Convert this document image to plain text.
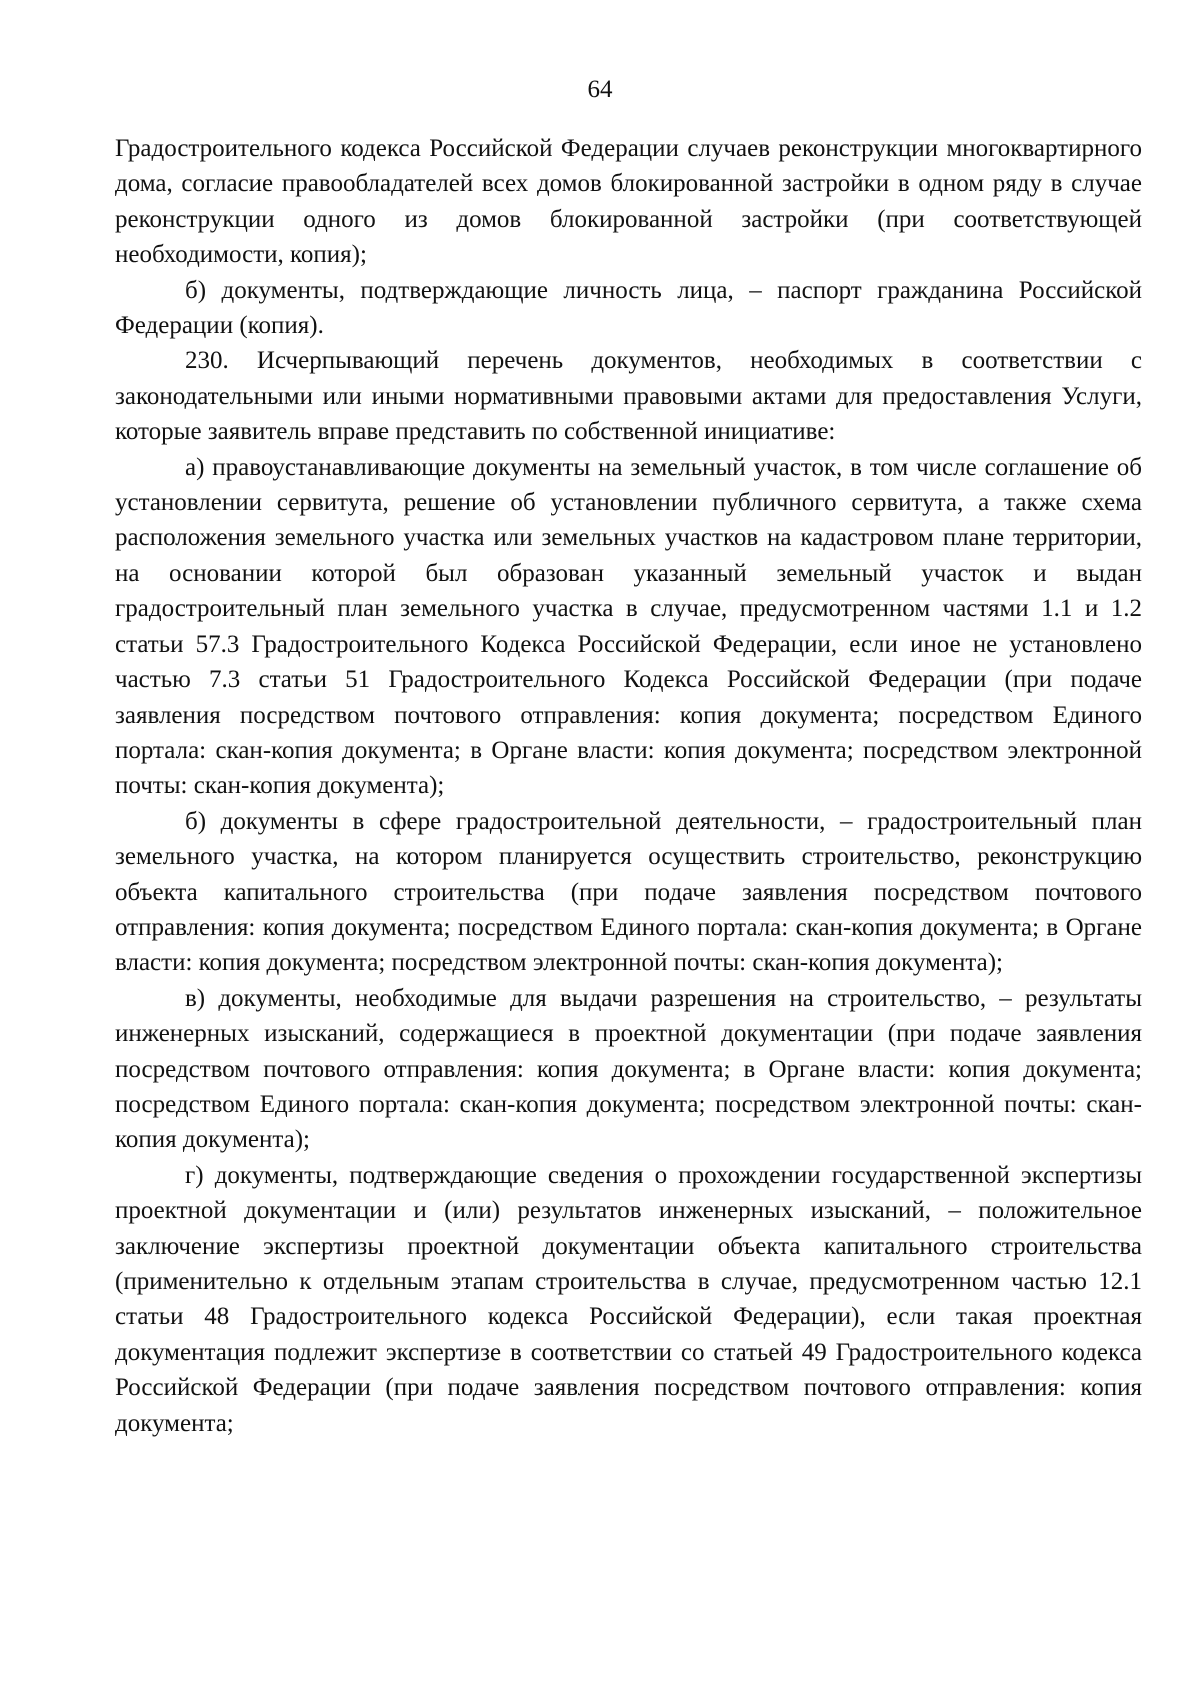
64

Градостроительного кодекса Российской Федерации случаев реконструкции многоквартирного дома, согласие правообладателей всех домов блокированной застройки в одном ряду в случае реконструкции одного из домов блокированной застройки (при соответствующей необходимости, копия);

б) документы, подтверждающие личность лица, – паспорт гражданина Российской Федерации (копия).

230. Исчерпывающий перечень документов, необходимых в соответствии с законодательными или иными нормативными правовыми актами для предоставления Услуги, которые заявитель вправе представить по собственной инициативе:

а) правоустанавливающие документы на земельный участок, в том числе соглашение об установлении сервитута, решение об установлении публичного сервитута, а также схема расположения земельного участка или земельных участков на кадастровом плане территории, на основании которой был образован указанный земельный участок и выдан градостроительный план земельного участка в случае, предусмотренном частями 1.1 и 1.2 статьи 57.3 Градостроительного Кодекса Российской Федерации, если иное не установлено частью 7.3 статьи 51 Градостроительного Кодекса Российской Федерации (при подаче заявления посредством почтового отправления: копия документа; посредством Единого портала: скан-копия документа; в Органе власти: копия документа; посредством электронной почты: скан-копия документа);

б) документы в сфере градостроительной деятельности, – градостроительный план земельного участка, на котором планируется осуществить строительство, реконструкцию объекта капитального строительства (при подаче заявления посредством почтового отправления: копия документа; посредством Единого портала: скан-копия документа; в Органе власти: копия документа; посредством электронной почты: скан-копия документа);

в) документы, необходимые для выдачи разрешения на строительство, – результаты инженерных изысканий, содержащиеся в проектной документации (при подаче заявления посредством почтового отправления: копия документа; в Органе власти: копия документа; посредством Единого портала: скан-копия документа; посредством электронной почты: скан-копия документа);

г) документы, подтверждающие сведения о прохождении государственной экспертизы проектной документации и (или) результатов инженерных изысканий, – положительное заключение экспертизы проектной документации объекта капитального строительства (применительно к отдельным этапам строительства в случае, предусмотренном частью 12.1 статьи 48 Градостроительного кодекса Российской Федерации), если такая проектная документация подлежит экспертизе в соответствии со статьей 49 Градостроительного кодекса Российской Федерации (при подаче заявления посредством почтового отправления: копия документа;
